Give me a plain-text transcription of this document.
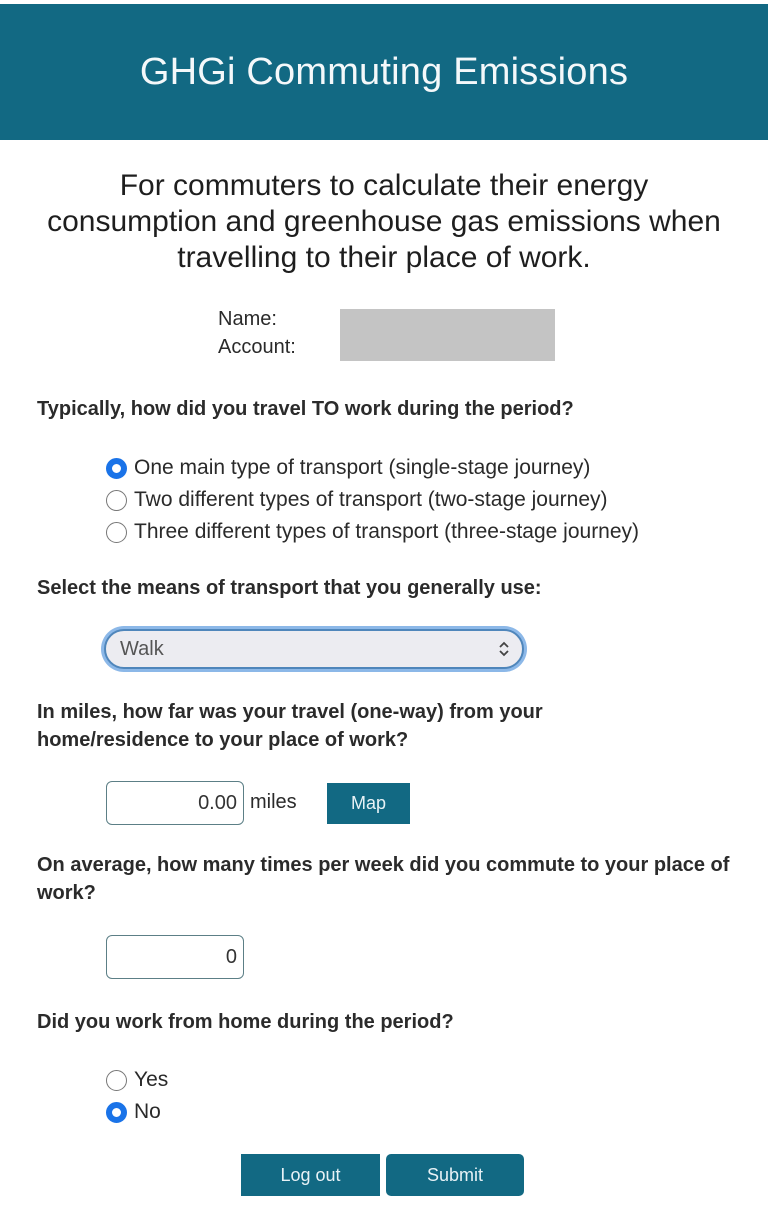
GHGi Commuting Emissions
For commuters to calculate their energy consumption and greenhouse gas emissions when travelling to their place of work.
Name:
Account:
Typically, how did you travel TO work during the period?
One main type of transport (single-stage journey)
Two different types of transport (two-stage journey)
Three different types of transport (three-stage journey)
Select the means of transport that you generally use:
Walk
In miles, how far was your travel (one-way) from your home/residence to your place of work?
0.00 miles	Map
On average, how many times per week did you commute to your place of work?
0
Did you work from home during the period?
Yes
No
Log out	Submit
